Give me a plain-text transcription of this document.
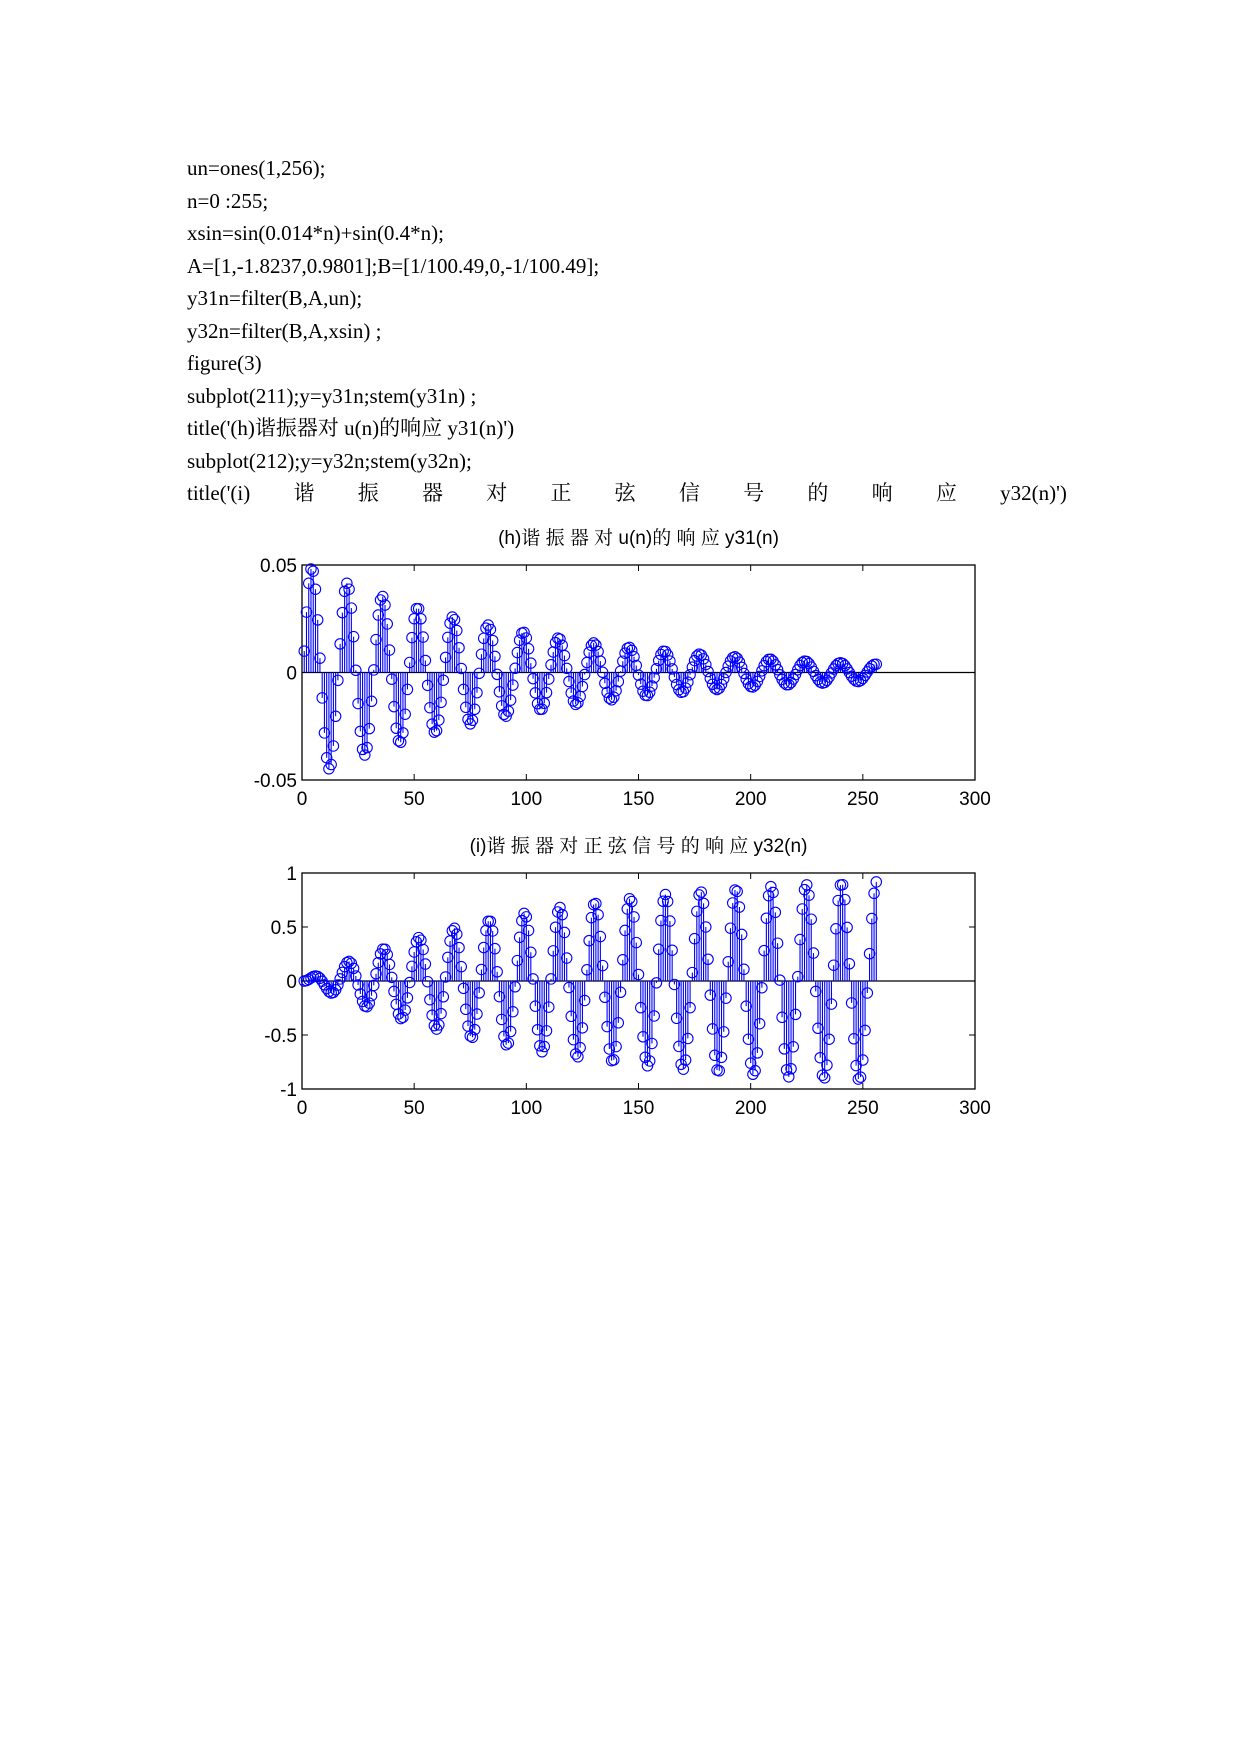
un=ones(1,256);
n=0 :255;
xsin=sin(0.014*n)+sin(0.4*n);
A=[1,-1.8237,0.9801];B=[1/100.49,0,-1/100.49];
y31n=filter(B,A,un);
y32n=filter(B,A,xsin) ;
figure(3)
subplot(211);y=y31n;stem(y31n) ;
title('(h)谐振器对 u(n)的响应 y31(n)')
subplot(212);y=y32n;stem(y32n);
title('(i) 谐 振 器 对 正 弦 信 号 的 响 应 y32(n)')
(h)谐 振 器 对 u(n)的 响 应 y31(n)
0	50	100	150	200	250	300
0.05
0
-0.05
(i)谐 振 器 对 正 弦 信 号 的 响 应 y32(n)
0	50	100	150	200	250	300
1
0.5
0
-0.5
-1
